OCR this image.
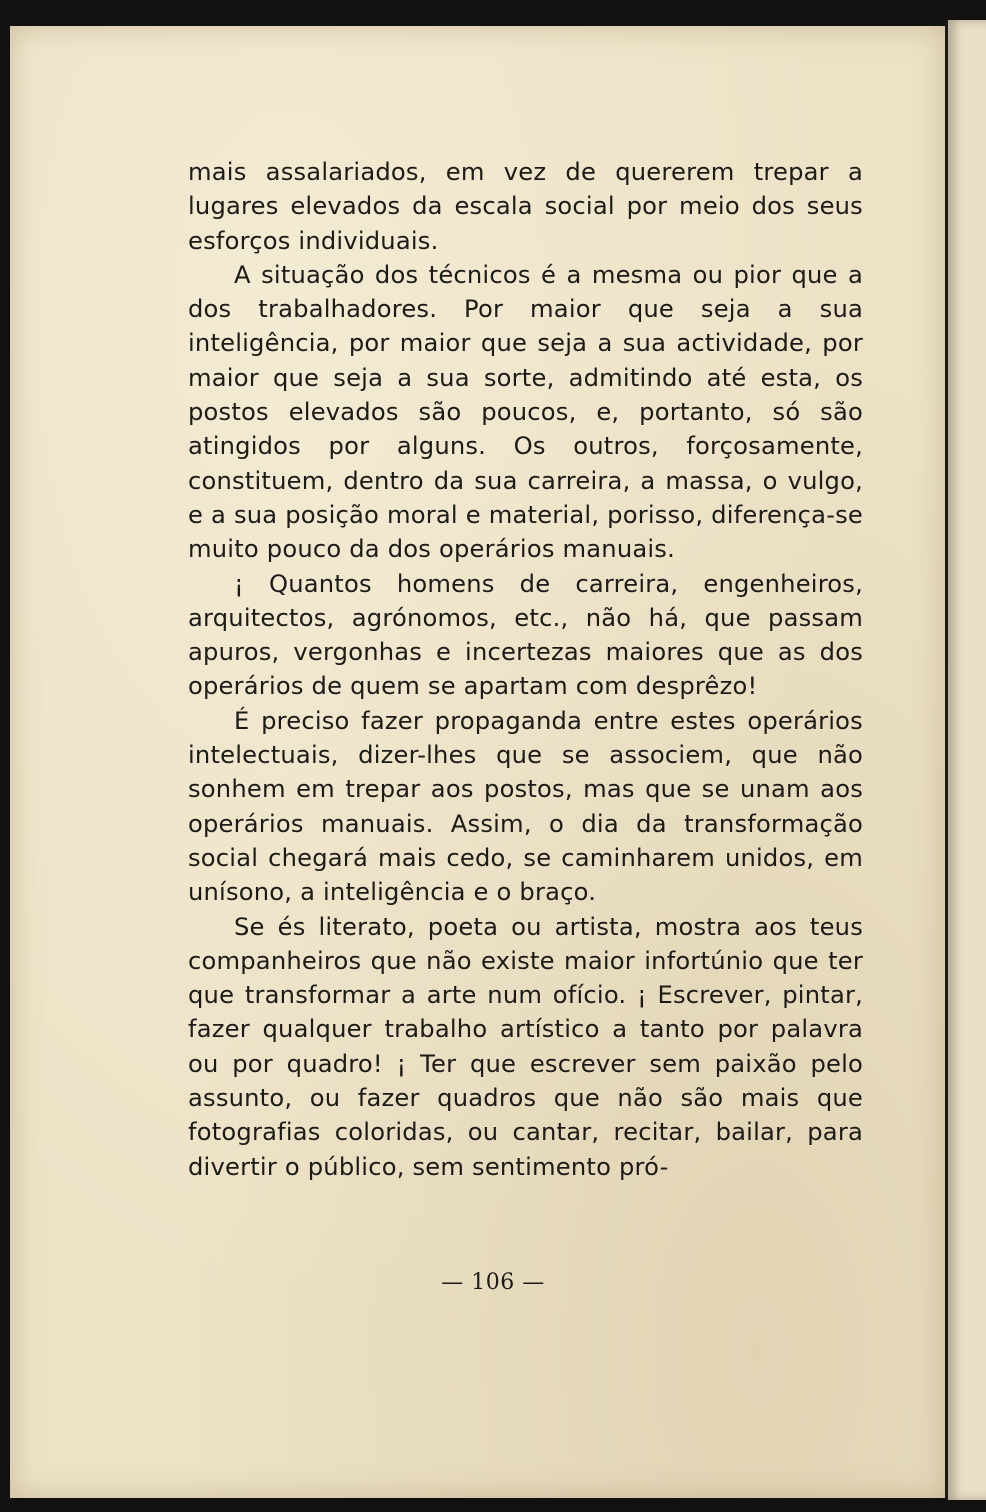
mais assalariados, em vez de quererem trepar a lugares elevados da escala social por meio dos seus esforços individuais.

A situação dos técnicos é a mesma ou pior que a dos trabalhadores. Por maior que seja a sua inteligência, por maior que seja a sua actividade, por maior que seja a sua sorte, admitindo até esta, os postos elevados são poucos, e, portanto, só são atingidos por alguns. Os outros, forçosamente, constituem, dentro da sua carreira, a massa, o vulgo, e a sua posição moral e material, porisso, diferença-se muito pouco da dos operários manuais.

¡ Quantos homens de carreira, engenheiros, arquitectos, agrónomos, etc., não há, que passam apuros, vergonhas e incertezas maiores que as dos operários de quem se apartam com desprêzo!

É preciso fazer propaganda entre estes operários intelectuais, dizer-lhes que se associem, que não sonhem em trepar aos postos, mas que se unam aos operários manuais. Assim, o dia da transformação social chegará mais cedo, se caminharem unidos, em unísono, a inteligência e o braço.

Se és literato, poeta ou artista, mostra aos teus companheiros que não existe maior infortúnio que ter que transformar a arte num ofício. ¡ Escrever, pintar, fazer qualquer trabalho artístico a tanto por palavra ou por quadro! ¡ Ter que escrever sem paixão pelo assunto, ou fazer quadros que não são mais que fotografias coloridas, ou cantar, recitar, bailar, para divertir o público, sem sentimento pró-

— 106 —
